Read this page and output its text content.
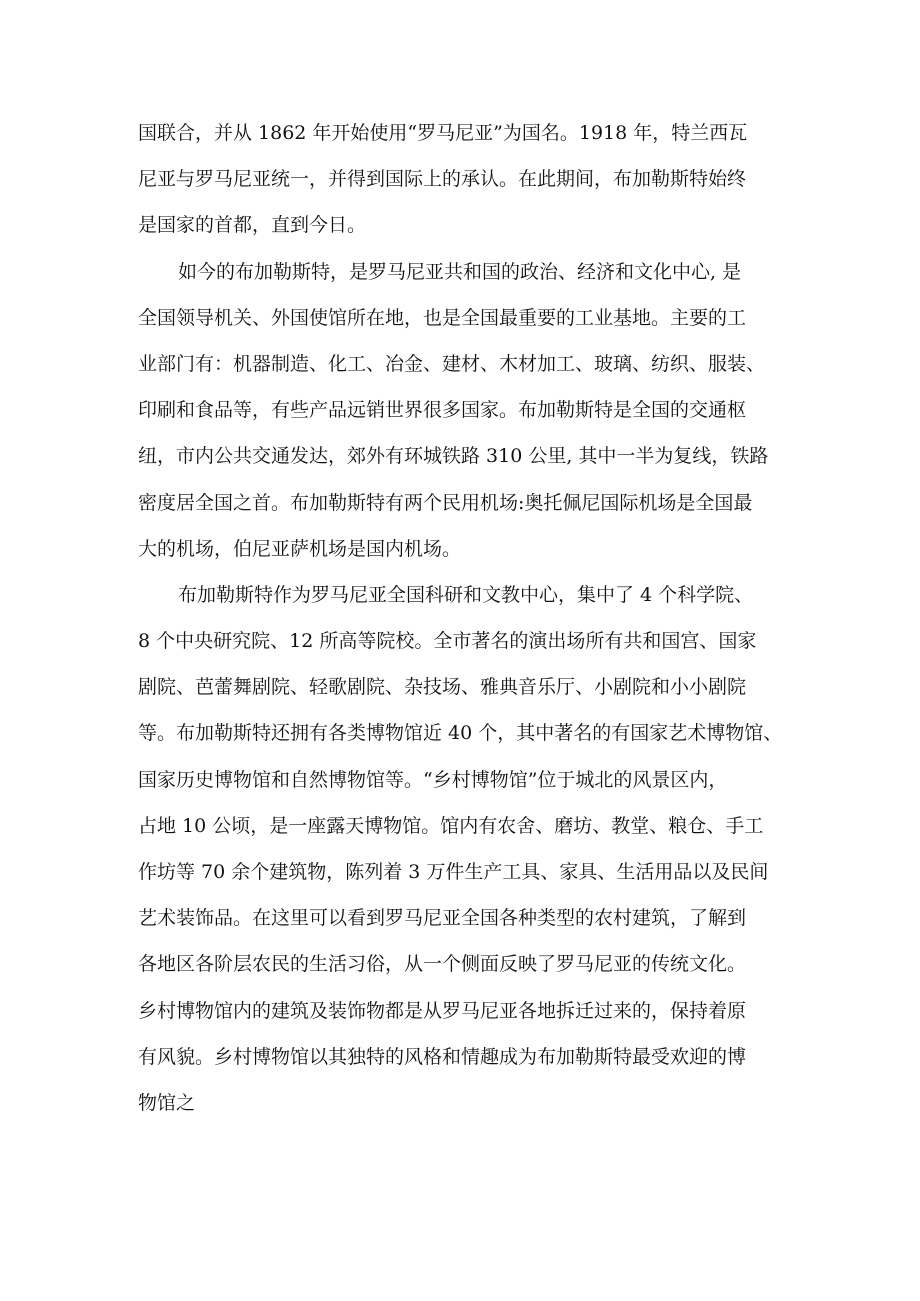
国联合，并从 1862 年开始使用“罗马尼亚”为国名。1918 年，特兰西瓦
尼亚与罗马尼亚统一，并得到国际上的承认。在此期间，布加勒斯特始终
是国家的首都，直到今日。
如今的布加勒斯特，是罗马尼亚共和国的政治、经济和文化中心, 是
全国领导机关、外国使馆所在地，也是全国最重要的工业基地。主要的工
业部门有：机器制造、化工、冶金、建材、木材加工、玻璃、纺织、服装、
印刷和食品等，有些产品远销世界很多国家。布加勒斯特是全国的交通枢
纽，市内公共交通发达，郊外有环城铁路 310 公里, 其中一半为复线，铁路
密度居全国之首。布加勒斯特有两个民用机场:奥托佩尼国际机场是全国最
大的机场，伯尼亚萨机场是国内机场。
布加勒斯特作为罗马尼亚全国科研和文教中心，集中了 4 个科学院、
8 个中央研究院、12 所高等院校。全市著名的演出场所有共和国宫、国家
剧院、芭蕾舞剧院、轻歌剧院、杂技场、雅典音乐厅、小剧院和小小剧院
等。布加勒斯特还拥有各类博物馆近 40 个，其中著名的有国家艺术博物馆、
国家历史博物馆和自然博物馆等。“乡村博物馆”位于城北的风景区内，
占地 10 公顷，是一座露天博物馆。馆内有农舍、磨坊、教堂、粮仓、手工
作坊等 70 余个建筑物，陈列着 3 万件生产工具、家具、生活用品以及民间
艺术装饰品。在这里可以看到罗马尼亚全国各种类型的农村建筑，了解到
各地区各阶层农民的生活习俗，从一个侧面反映了罗马尼亚的传统文化。
乡村博物馆内的建筑及装饰物都是从罗马尼亚各地拆迁过来的，保持着原
有风貌。乡村博物馆以其独特的风格和情趣成为布加勒斯特最受欢迎的博
物馆之
